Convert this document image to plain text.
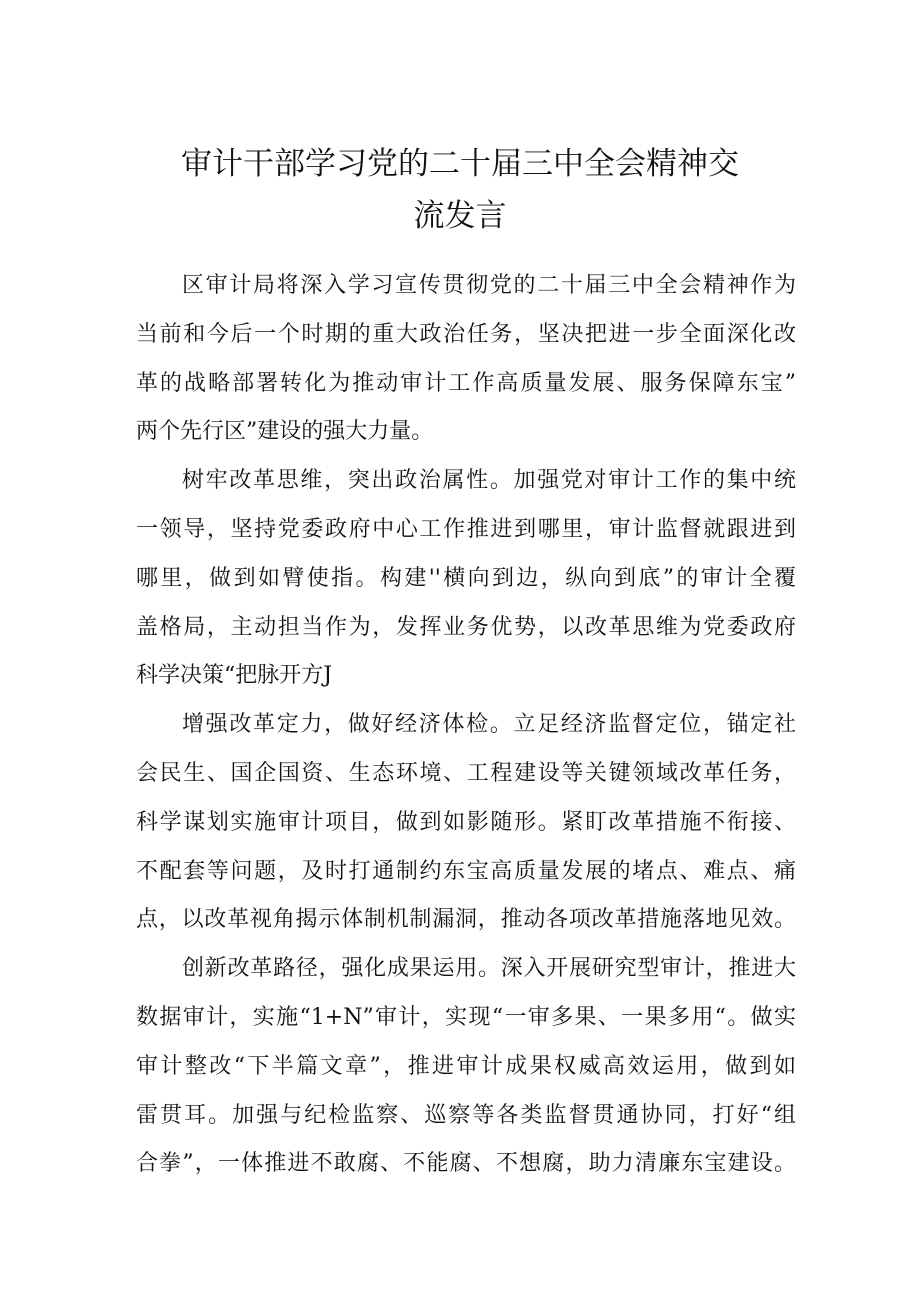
审计干部学习党的二十届三中全会精神交
流发言
区审计局将深入学习宣传贯彻党的二十届三中全会精神作为
当前和今后一个时期的重大政治任务，坚决把进一步全面深化改
革的战略部署转化为推动审计工作高质量发展、服务保障东宝”
两个先行区”建设的强大力量。
树牢改革思维，突出政治属性。加强党对审计工作的集中统
一领导，坚持党委政府中心工作推进到哪里，审计监督就跟进到
哪里，做到如臂使指。构建''横向到边，纵向到底”的审计全覆
盖格局，主动担当作为，发挥业务优势，以改革思维为党委政府
科学决策“把脉开方J
增强改革定力，做好经济体检。立足经济监督定位，锚定社
会民生、国企国资、生态环境、工程建设等关键领域改革任务，
科学谋划实施审计项目，做到如影随形。紧盯改革措施不衔接、
不配套等问题，及时打通制约东宝高质量发展的堵点、难点、痛
点，以改革视角揭示体制机制漏洞，推动各项改革措施落地见效。
创新改革路径，强化成果运用。深入开展研究型审计，推进大
数据审计，实施“1+N”审计，实现“一审多果、一果多用“。做实
审计整改“下半篇文章”，推进审计成果权威高效运用，做到如
雷贯耳。加强与纪检监察、巡察等各类监督贯通协同，打好“组
合拳”，一体推进不敢腐、不能腐、不想腐，助力清廉东宝建设。
